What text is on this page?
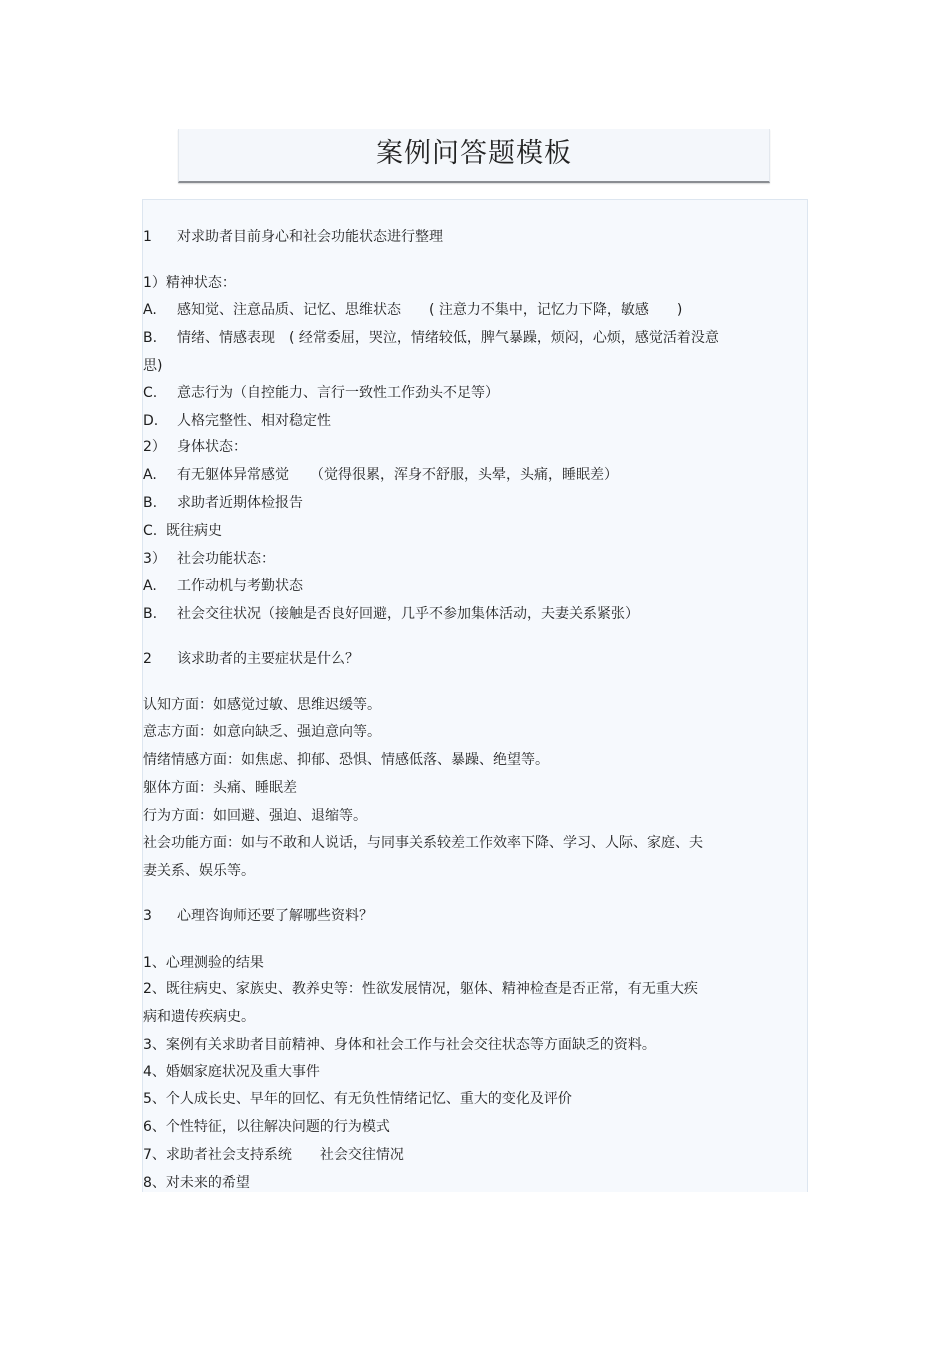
案例问答题模板
1 对求助者目前身心和社会功能状态进行整理
1）精神状态：
A. 感知觉、注意品质、记忆、思维状态　　( 注意力不集中，记忆力下降，敏感　　)
B. 情绪、情感表现　( 经常委屈，哭泣，情绪较低，脾气暴躁，烦闷，心烦，感觉活着没意
思)
C. 意志行为（自控能力、言行一致性工作劲头不足等）
D. 人格完整性、相对稳定性
2） 身体状态：
A. 有无躯体异常感觉　　（觉得很累，浑身不舒服，头晕，头痛，睡眠差）
B. 求助者近期体检报告
C. 既往病史
3） 社会功能状态：
A. 工作动机与考勤状态
B. 社会交往状况（接触是否良好回避，几乎不参加集体活动，夫妻关系紧张）
2 该求助者的主要症状是什么？
认知方面：如感觉过敏、思维迟缓等。
意志方面：如意向缺乏、强迫意向等。
情绪情感方面：如焦虑、抑郁、恐惧、情感低落、暴躁、绝望等。
躯体方面：头痛、睡眠差
行为方面：如回避、强迫、退缩等。
社会功能方面：如与不敢和人说话，与同事关系较差工作效率下降、学习、人际、家庭、夫
妻关系、娱乐等。
3 心理咨询师还要了解哪些资料？
1、心理测验的结果
2、既往病史、家族史、教养史等：性欲发展情况，躯体、精神检查是否正常，有无重大疾
病和遗传疾病史。
3、案例有关求助者目前精神、身体和社会工作与社会交往状态等方面缺乏的资料。
4、婚姻家庭状况及重大事件
5、个人成长史、早年的回忆、有无负性情绪记忆、重大的变化及评价
6、个性特征，以往解决问题的行为模式
7、求助者社会支持系统　　社会交往情况
8、对未来的希望
